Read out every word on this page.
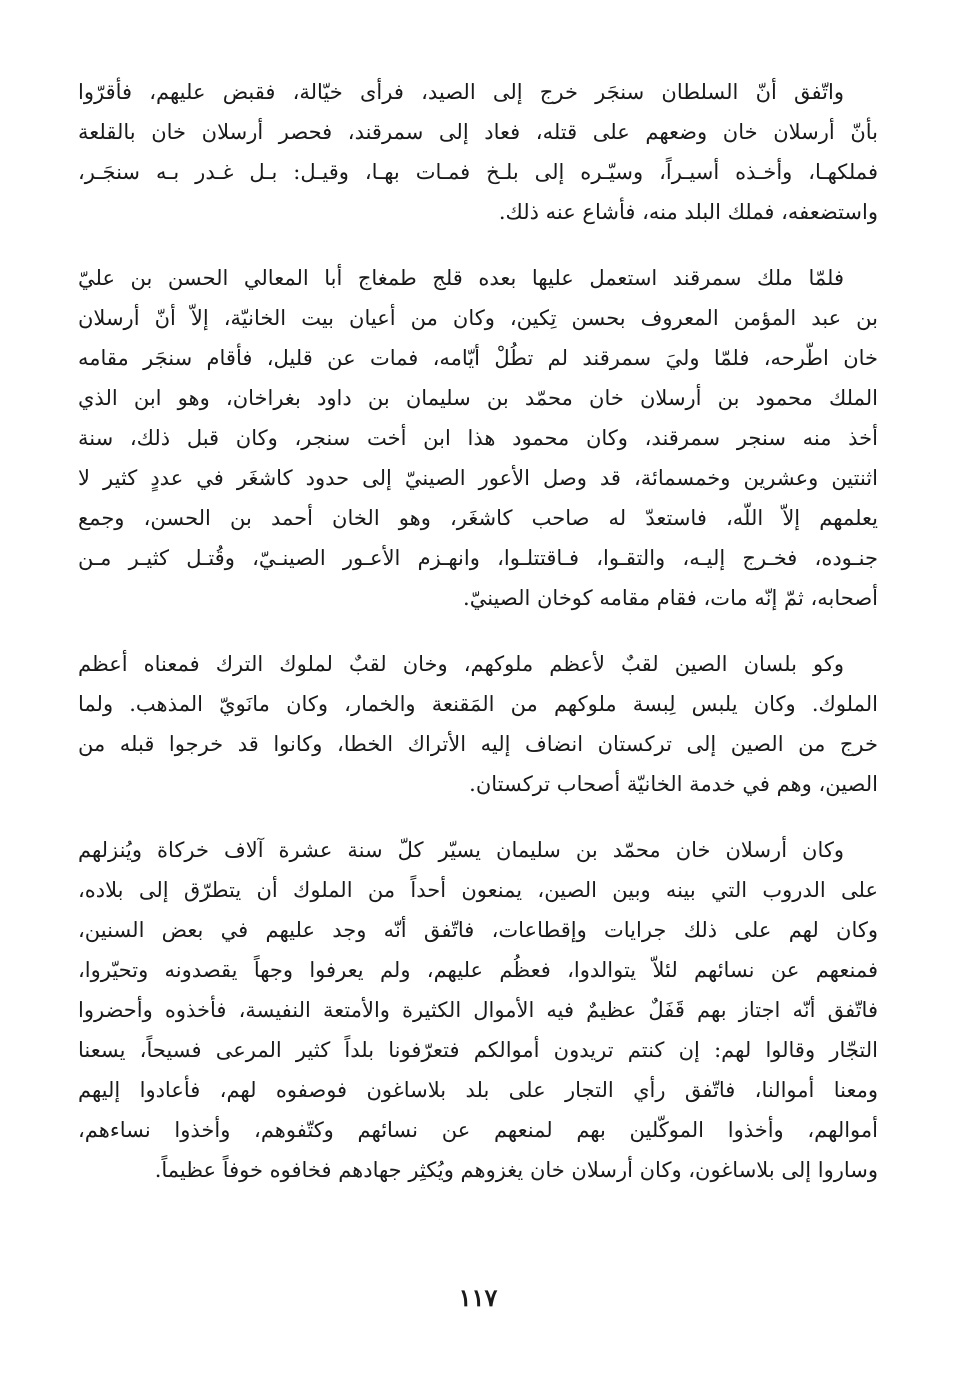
واتّفق أنّ السلطان سنجَر خرج إلى الصيد، فرأى خيّالة، فقبض عليهم، فأقرّوا
بأنّ أرسلان خان وضعهم على قتله، فعاد إلى سمرقند، فحصر أرسلان خان بالقلعة
فملكهـا، وأخـذه أسيـراً، وسيّـره إلى بلـخ فمـات بهـا، وقيـل: بـل غـدر بـه سنجَـر،
واستضعفه، فملك البلد منه، فأشاع عنه ذلك.
فلمّا ملك سمرقند استعمل عليها بعده قلج طمغاج أبا المعالي الحسن بن عليّ
بن عبد المؤمن المعروف بحسن تِكين، وكان من أعيان بيت الخانيّة، إلاّ أنّ أرسلان
خان اطّرحه، فلمّا وليَ سمرقند لم تطُلْ أيّامه، فمات عن قليل، فأقام سنجَر مقامه
الملك محمود بن أرسلان خان محمّد بن سليمان بن داود بغراخان، وهو ابن الذي
أخذ منه سنجر سمرقند، وكان محمود هذا ابن أخت سنجر، وكان قبل ذلك، سنة
اثنتين وعشرين وخمسمائة، قد وصل الأعور الصينيّ إلى حدود كاشغَر في عددٍ كثير لا
يعلمهم إلاّ اللّه، فاستعدّ له صاحب كاشغَر، وهو الخان أحمد بن الحسن، وجمع
جنـوده، فخـرج إليـه، والتقـوا، فـاقتتلـوا، وانهـزم الأعـور الصينـيّ، وقُتـل كثيـر مـن
أصحابه، ثمّ إنّه مات، فقام مقامه كوخان الصينيّ.
وكو بلسان الصين لقبٌ لأعظم ملوكهم، وخان لقبٌ لملوك الترك فمعناه أعظم
الملوك. وكان يلبس لِبسة ملوكهم من المَقنعة والخمار، وكان مانَويّ المذهب. ولما
خرج من الصين إلى تركستان انضاف إليه الأتراك الخطا، وكانوا قد خرجوا قبله من
الصين، وهم في خدمة الخانيّة أصحاب تركستان.
وكان أرسلان خان محمّد بن سليمان يسيّر كلّ سنة عشرة آلاف خركاة ويُنزلهم
على الدروب التي بينه وبين الصين، يمنعون أحداً من الملوك أن يتطرّق إلى بلاده،
وكان لهم على ذلك جرايات وإقطاعات، فاتّفق أنّه وجد عليهم في بعض السنين،
فمنعهم عن نسائهم لئلاّ يتوالدوا، فعظُم عليهم، ولم يعرفوا وجهاً يقصدونه وتحيّروا،
فاتّفق أنّه اجتاز بهم قَفَلٌ عظيمٌ فيه الأموال الكثيرة والأمتعة النفيسة، فأخذوه وأحضروا
التجّار وقالوا لهم: إن كنتم تريدون أموالكم فتعرّفونا بلداً كثير المرعى فسيحاً، يسعنا
ومعنا أموالنا، فاتّفق رأي التجار على بلد بلاساغون فوصفوه لهم، فأعادوا إليهم
أموالهم، وأخذوا الموكّلين بهم لمنعهم عن نسائهم وكتّفوهم، وأخذوا نساءهم،
وساروا إلى بلاساغون، وكان أرسلان خان يغزوهم ويُكثِر جهادهم فخافوه خوفاً عظيماً.
١١٧
